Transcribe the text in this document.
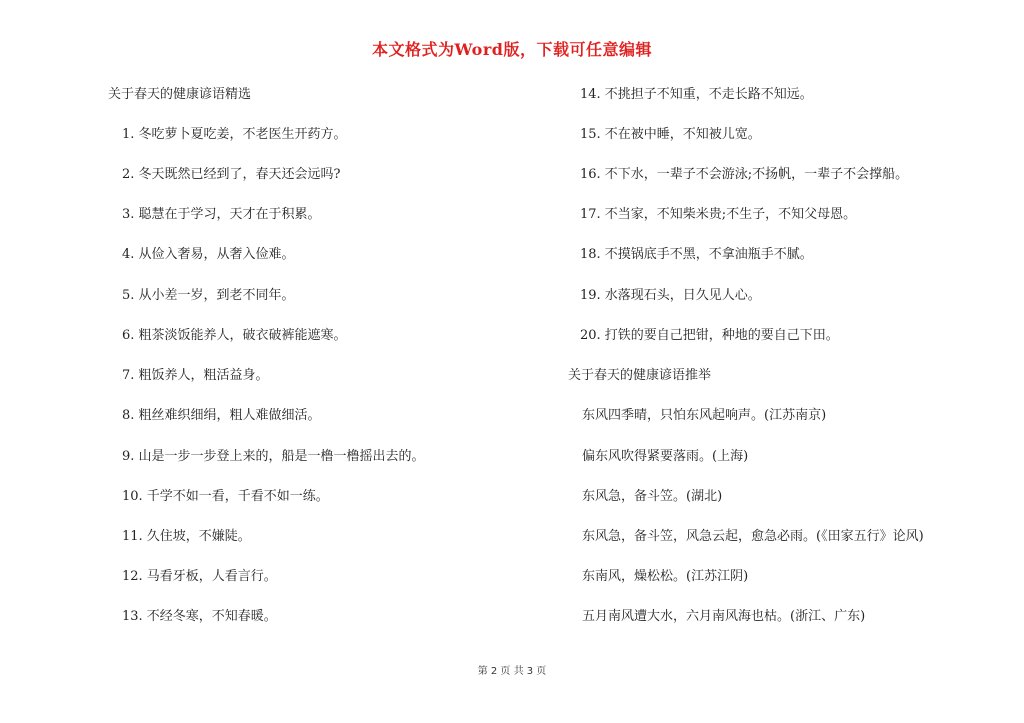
本文格式为Word版，下载可任意编辑
关于春天的健康谚语精选
1. 冬吃萝卜夏吃姜，不老医生开药方。
2. 冬天既然已经到了，春天还会远吗?
3. 聪慧在于学习，天才在于积累。
4. 从俭入奢易，从奢入俭难。
5. 从小差一岁，到老不同年。
6. 粗茶淡饭能养人，破衣破裤能遮寒。
7. 粗饭养人，粗活益身。
8. 粗丝难织细绢，粗人难做细活。
9. 山是一步一步登上来的，船是一橹一橹摇出去的。
10. 千学不如一看，千看不如一练。
11. 久住坡，不嫌陡。
12. 马看牙板，人看言行。
13. 不经冬寒，不知春暖。
14. 不挑担子不知重，不走长路不知远。
15. 不在被中睡，不知被儿宽。
16. 不下水，一辈子不会游泳;不扬帆，一辈子不会撑船。
17. 不当家，不知柴米贵;不生子，不知父母恩。
18. 不摸锅底手不黑，不拿油瓶手不腻。
19. 水落现石头，日久见人心。
20. 打铁的要自己把钳，种地的要自己下田。
关于春天的健康谚语推举
东风四季晴，只怕东风起响声。(江苏南京)
偏东风吹得紧要落雨。(上海)
东风急，备斗笠。(湖北)
东风急，备斗笠，风急云起，愈急必雨。(《田家五行》论风)
东南风，燥松松。(江苏江阴)
五月南风遭大水，六月南风海也枯。(浙江、广东)
第 2 页 共 3 页
